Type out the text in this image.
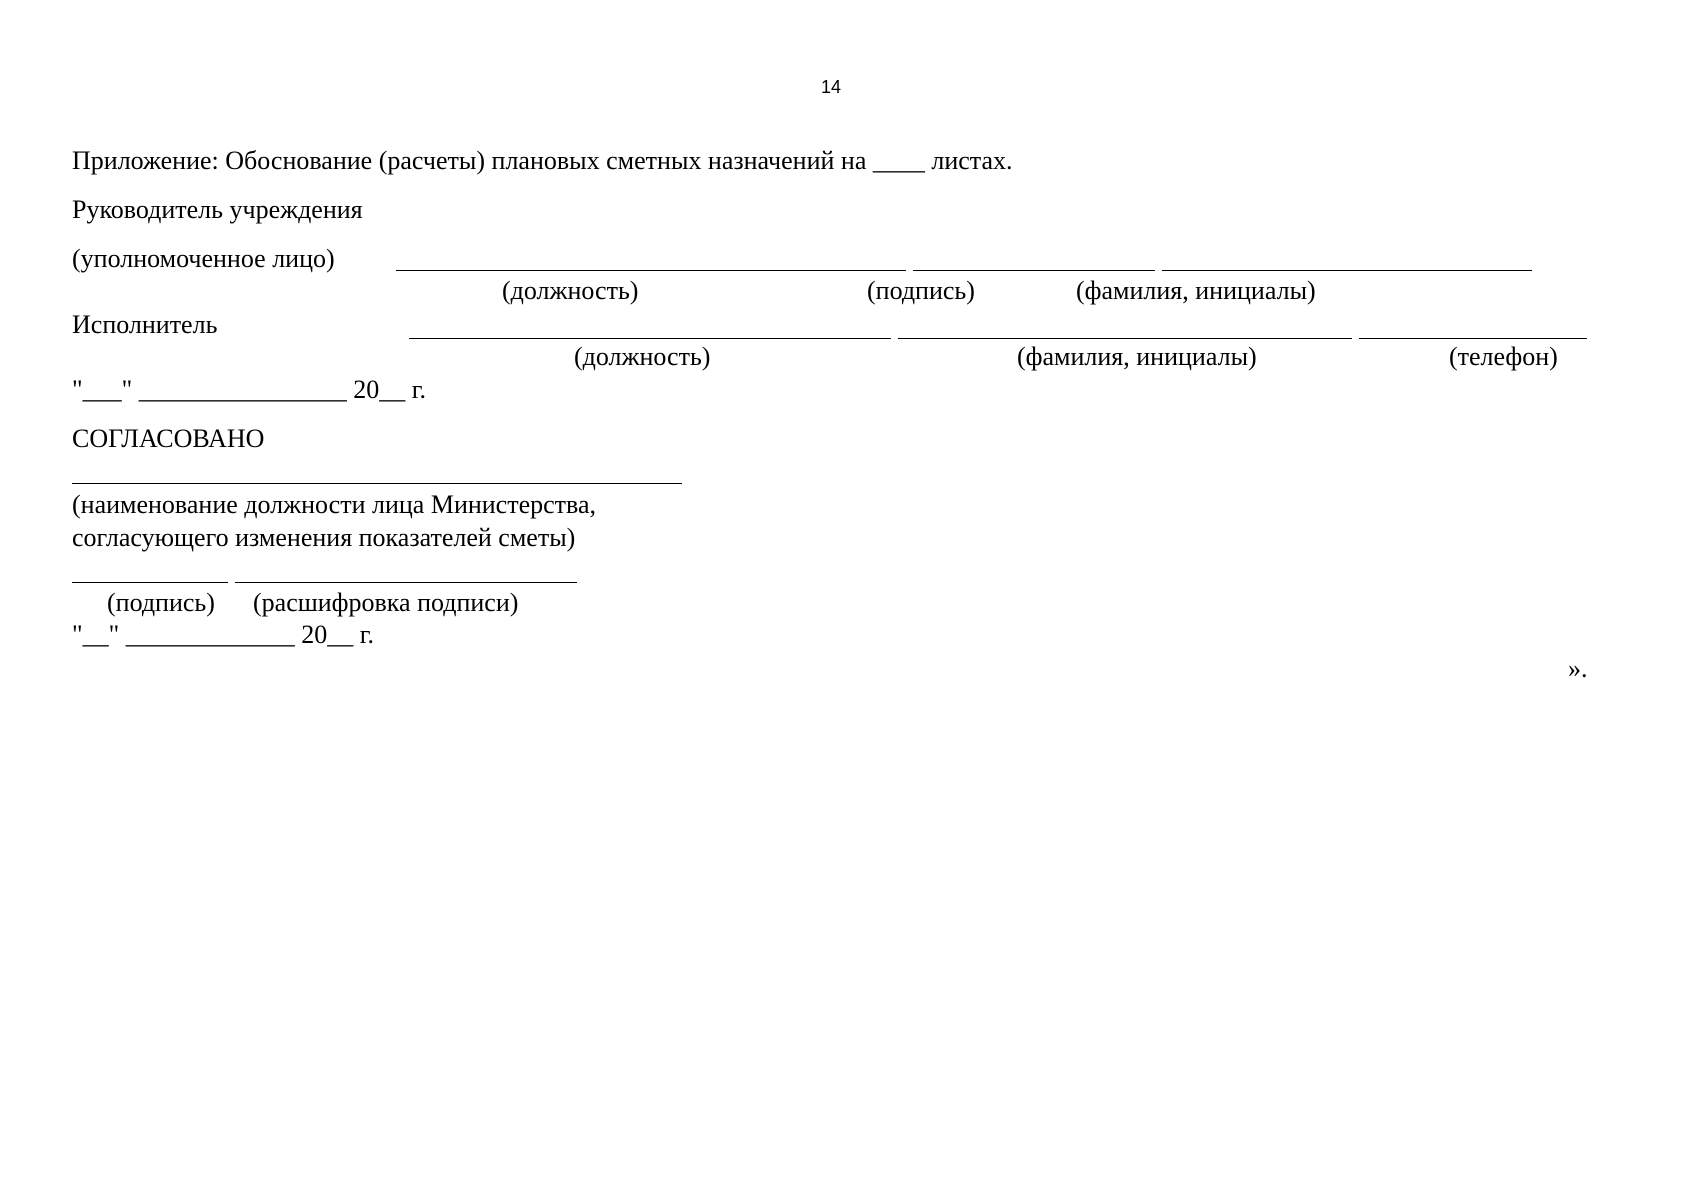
14
Приложение: Обоснование (расчеты) плановых сметных назначений на ____ листах.
Руководитель учреждения
(уполномоченное лицо)
(должность)	(подпись)	(фамилия, инициалы)
Исполнитель
(должность)	(фамилия, инициалы)	(телефон)
"___" ________________ 20__ г.
СОГЛАСОВАНО
(наименование должности лица Министерства,
согласующего изменения показателей сметы)
(подпись) (расшифровка подписи)
"__" _____________ 20__ г.
».
